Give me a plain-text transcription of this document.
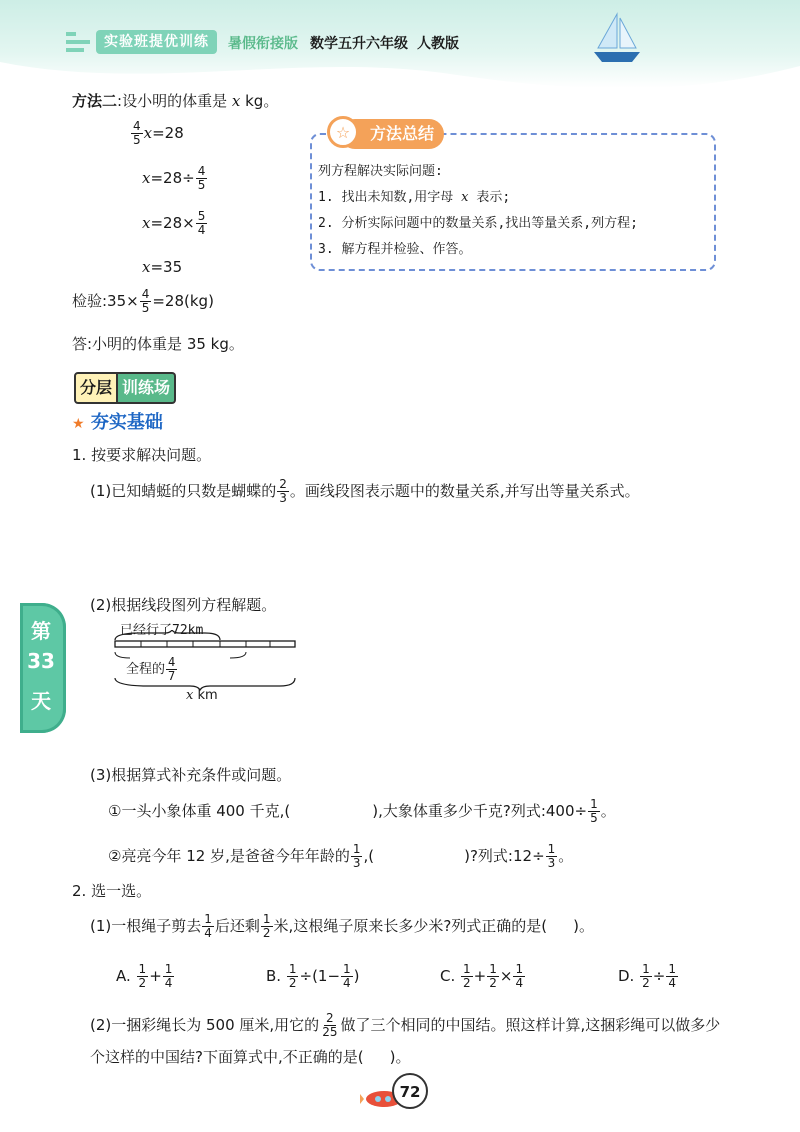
实验班提优训练	暑假衔接版 数学五升六年级 人教版
方法二:设小明的体重是 x kg。
$\frac{4}{5} x=28$
$x=28\div \frac{4}{5}$
$x=28\times \frac{5}{4}$
x=35
检验:35× $\frac{4}{5} =28(kg)$
答:小明的体重是 35 kg。
方法总结
☆
列方程解决实际问题:
1. 找出未知数,用字母 x 表示;
2. 分析实际问题中的数量关系,找出等量关系,列方程;
3. 解方程并检验、作答。
分层 训练场
★ 夯实基础
1. 按要求解决问题。
(1)已知蜻蜓的只数是蝴蝶的 $\frac{2}{3}$ 。画线段图表示题中的数量关系,并写出等量关系式。
(2)根据线段图列方程解题。
已经行了72km
全程的 $\frac{4}{7}$
x km
(3)根据算式补充条件或问题。
①一头小象体重 400 千克,(	),大象体重多少千克?列式:400÷ $\frac{1}{5}$ 。
②亮亮今年 12 岁,是爸爸今年年龄的 $\frac{1}{3}$ ,(	)?列式:12÷ $\frac{1}{3}$ 。
2. 选一选。
(1)一根绳子剪去 $\frac{1}{4}$ 后还剩 $\frac{1}{2}$ 米,这根绳子原来长多少米?列式正确的是( )。
A. $\frac{1}{2} + \frac{1}{4}$	B. $\frac{1}{2} \div(1- \frac{1}{4}$ )	C. $\frac{1}{2} + \frac{1}{2} \times \frac{1}{4}$	D. $\frac{1}{2} \div \frac{1}{4}$
(2)一捆彩绳长为 500 厘米,用它的 $\frac{2}{25}$ 做了三个相同的中国结。照这样计算,这捆彩绳可以做多少
个这样的中国结?下面算式中,不正确的是( )。
第
33
天
72
